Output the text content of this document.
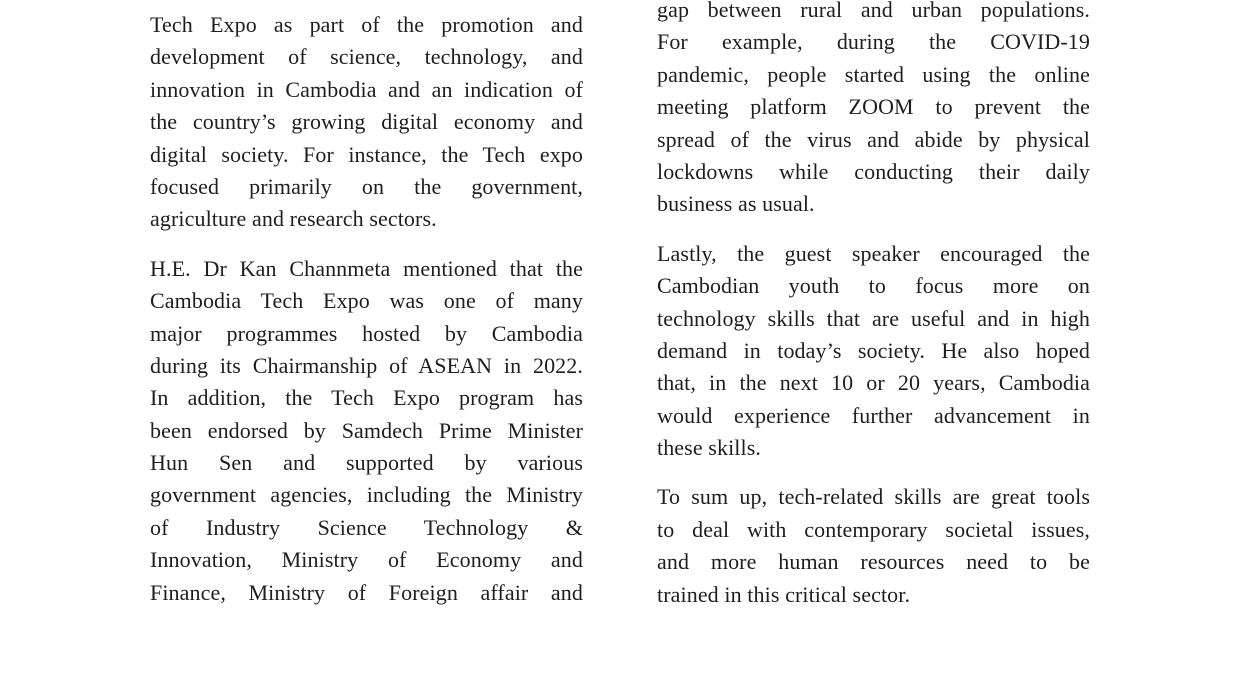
Tech Expo as part of the promotion and
development of science, technology, and
innovation in Cambodia and an indication of
the country’s growing digital economy and
digital society. For instance, the Tech expo
focused primarily on the government,
agriculture and research sectors.
H.E. Dr Kan Channmeta mentioned that the
Cambodia Tech Expo was one of many
major programmes hosted by Cambodia
during its Chairmanship of ASEAN in 2022.
In addition, the Tech Expo program has
been endorsed by Samdech Prime Minister
Hun Sen and supported by various
government agencies, including the Ministry
of Industry Science Technology &
Innovation, Ministry of Economy and
Finance, Ministry of Foreign affair and
gap between rural and urban populations.
For example, during the COVID-19
pandemic, people started using the online
meeting platform ZOOM to prevent the
spread of the virus and abide by physical
lockdowns while conducting their daily
business as usual.
Lastly, the guest speaker encouraged the
Cambodian youth to focus more on
technology skills that are useful and in high
demand in today’s society. He also hoped
that, in the next 10 or 20 years, Cambodia
would experience further advancement in
these skills.
To sum up, tech-related skills are great tools
to deal with contemporary societal issues,
and more human resources need to be
trained in this critical sector.
